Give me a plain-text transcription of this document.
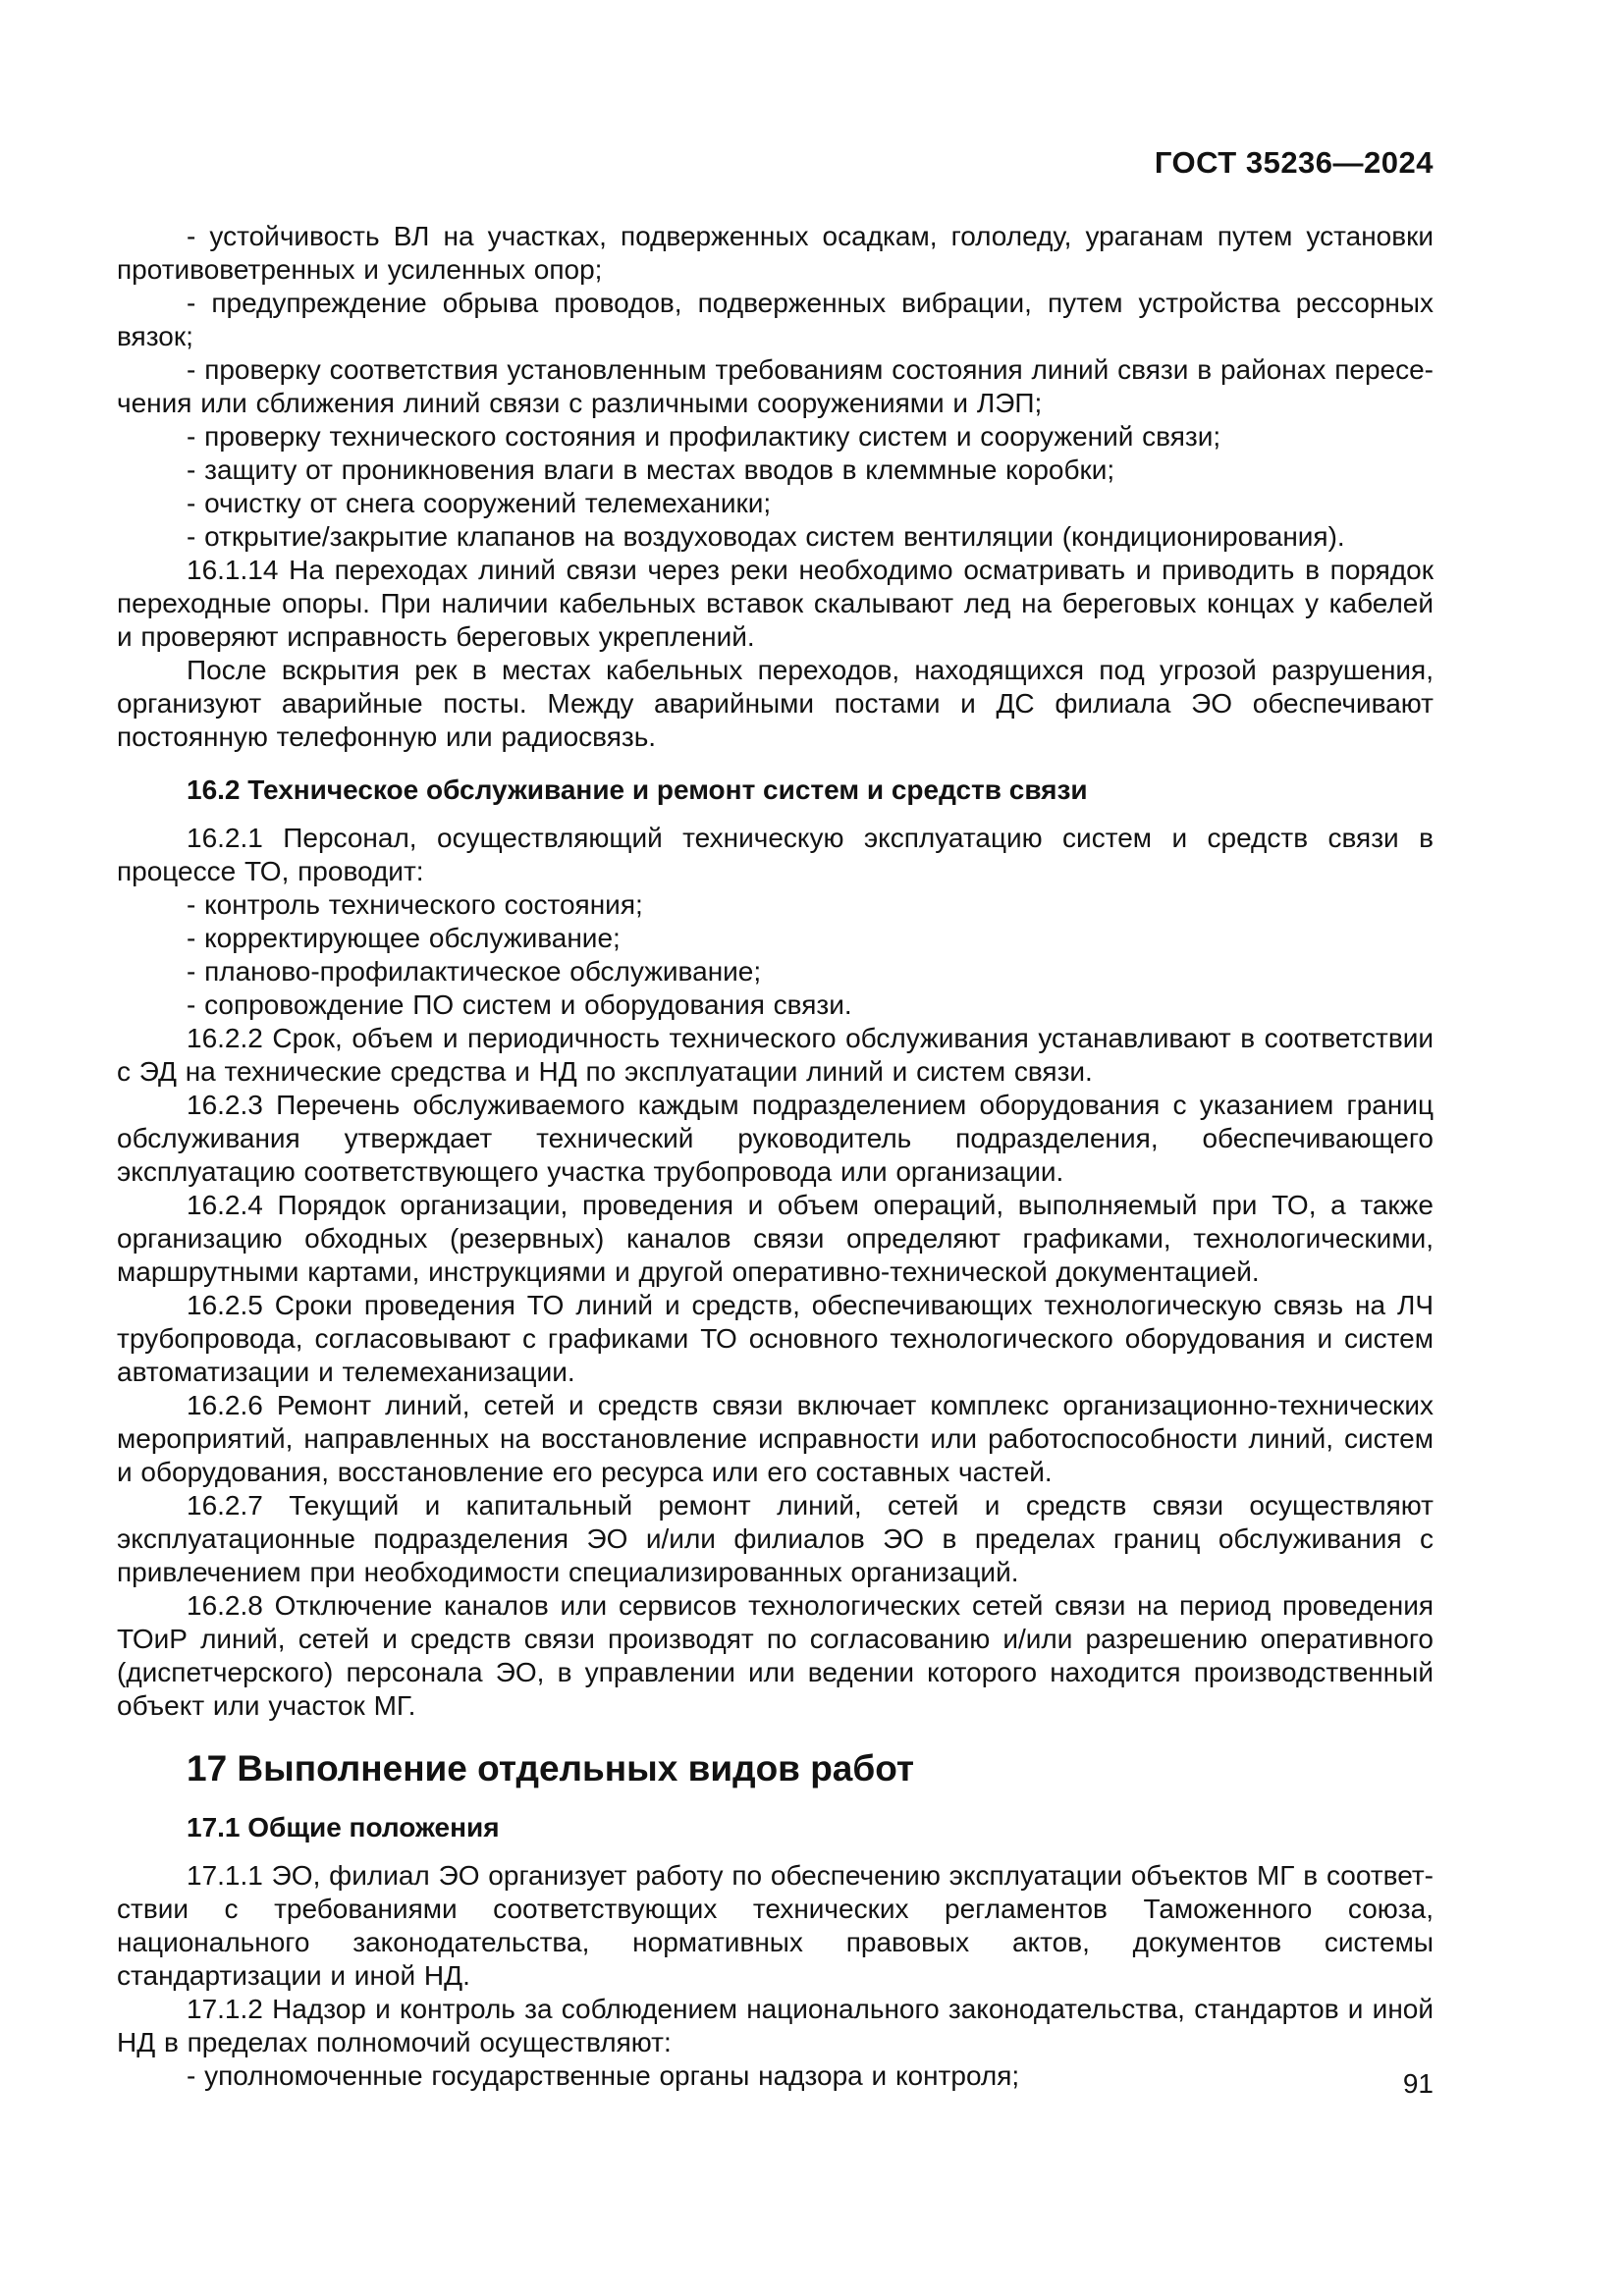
ГОСТ 35236—2024
- устойчивость ВЛ на участках, подверженных осадкам, гололеду, ураганам путем установки противоветренных и усиленных опор;
- предупреждение обрыва проводов, подверженных вибрации, путем устройства рессорных вязок;
- проверку соответствия установленным требованиям состояния линий связи в районах пересечения или сближения линий связи с различными сооружениями и ЛЭП;
- проверку технического состояния и профилактику систем и сооружений связи;
- защиту от проникновения влаги в местах вводов в клеммные коробки;
- очистку от снега сооружений телемеханики;
- открытие/закрытие клапанов на воздуховодах систем вентиляции (кондиционирования).
16.1.14 На переходах линий связи через реки необходимо осматривать и приводить в порядок переходные опоры. При наличии кабельных вставок скалывают лед на береговых концах у кабелей и проверяют исправность береговых укреплений.
После вскрытия рек в местах кабельных переходов, находящихся под угрозой разрушения, организуют аварийные посты. Между аварийными постами и ДС филиала ЭО обеспечивают постоянную телефонную или радиосвязь.
16.2 Техническое обслуживание и ремонт систем и средств связи
16.2.1 Персонал, осуществляющий техническую эксплуатацию систем и средств связи в процессе ТО, проводит:
- контроль технического состояния;
- корректирующее обслуживание;
- планово-профилактическое обслуживание;
- сопровождение ПО систем и оборудования связи.
16.2.2 Срок, объем и периодичность технического обслуживания устанавливают в соответствии с ЭД на технические средства и НД по эксплуатации линий и систем связи.
16.2.3 Перечень обслуживаемого каждым подразделением оборудования с указанием границ обслуживания утверждает технический руководитель подразделения, обеспечивающего эксплуатацию соответствующего участка трубопровода или организации.
16.2.4 Порядок организации, проведения и объем операций, выполняемый при ТО, а также организацию обходных (резервных) каналов связи определяют графиками, технологическими, маршрутными картами, инструкциями и другой оперативно-технической документацией.
16.2.5 Сроки проведения ТО линий и средств, обеспечивающих технологическую связь на ЛЧ трубопровода, согласовывают с графиками ТО основного технологического оборудования и систем автоматизации и телемеханизации.
16.2.6 Ремонт линий, сетей и средств связи включает комплекс организационно-технических мероприятий, направленных на восстановление исправности или работоспособности линий, систем и оборудования, восстановление его ресурса или его составных частей.
16.2.7 Текущий и капитальный ремонт линий, сетей и средств связи осуществляют эксплуатационные подразделения ЭО и/или филиалов ЭО в пределах границ обслуживания с привлечением при необходимости специализированных организаций.
16.2.8 Отключение каналов или сервисов технологических сетей связи на период проведения ТОиР линий, сетей и средств связи производят по согласованию и/или разрешению оперативного (диспетчерского) персонала ЭО, в управлении или ведении которого находится производственный объект или участок МГ.
17 Выполнение отдельных видов работ
17.1 Общие положения
17.1.1 ЭО, филиал ЭО организует работу по обеспечению эксплуатации объектов МГ в соответствии с требованиями соответствующих технических регламентов Таможенного союза, национального законодательства, нормативных правовых актов, документов системы стандартизации и иной НД.
17.1.2 Надзор и контроль за соблюдением национального законодательства, стандартов и иной НД в пределах полномочий осуществляют:
- уполномоченные государственные органы надзора и контроля;	91
